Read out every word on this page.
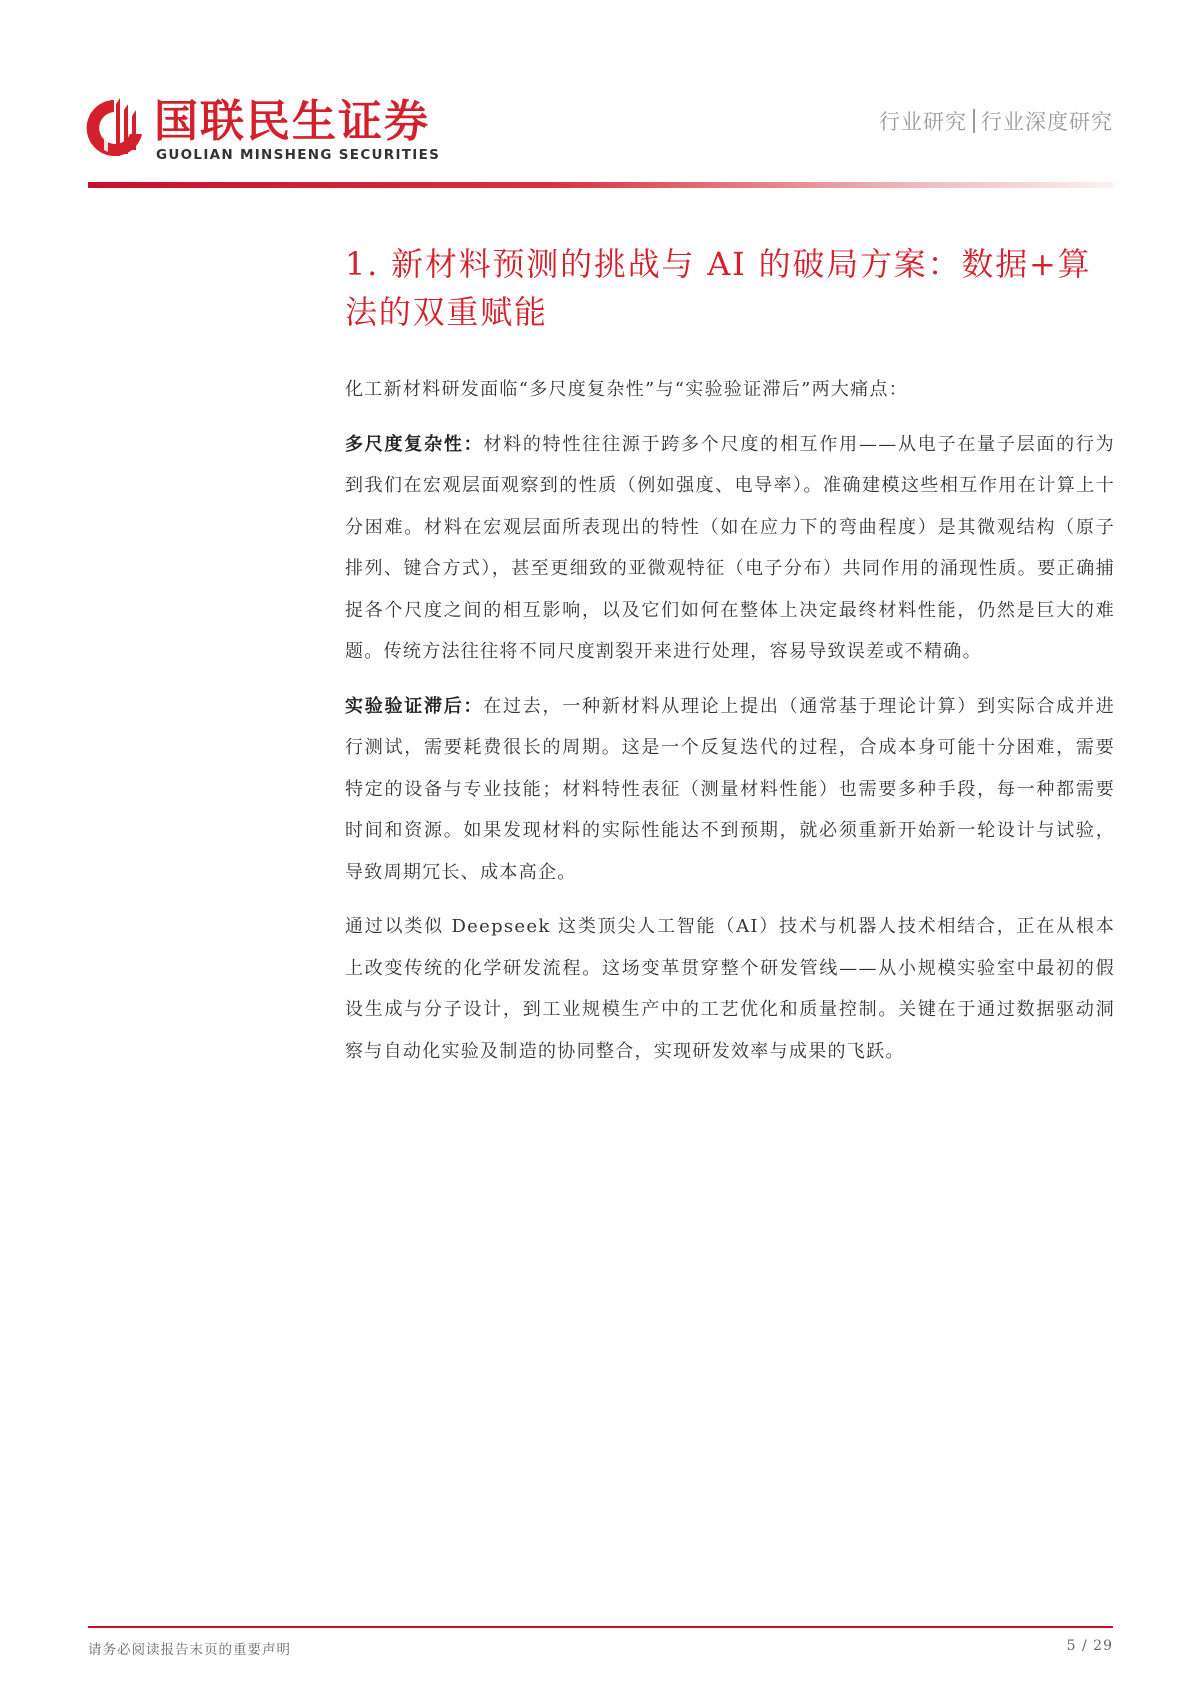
国联民生证券
GUOLIAN MINSHENG SECURITIES
行业研究 行业深度研究
1. 新材料预测的挑战与 AI 的破局方案：数据+算法的双重赋能

化工新材料研发面临“多尺度复杂性”与“实验验证滞后”两大痛点：

多尺度复杂性：材料的特性往往源于跨多个尺度的相互作用——从电子在量子层面的行为到我们在宏观层面观察到的性质（例如强度、电导率）。准确建模这些相互作用在计算上十分困难。材料在宏观层面所表现出的特性（如在应力下的弯曲程度）是其微观结构（原子排列、键合方式），甚至更细致的亚微观特征（电子分布）共同作用的涌现性质。要正确捕捉各个尺度之间的相互影响，以及它们如何在整体上决定最终材料性能，仍然是巨大的难题。传统方法往往将不同尺度割裂开来进行处理，容易导致误差或不精确。

实验验证滞后：在过去，一种新材料从理论上提出（通常基于理论计算）到实际合成并进行测试，需要耗费很长的周期。这是一个反复迭代的过程，合成本身可能十分困难，需要特定的设备与专业技能；材料特性表征（测量材料性能）也需要多种手段，每一种都需要时间和资源。如果发现材料的实际性能达不到预期，就必须重新开始新一轮设计与试验，导致周期冗长、成本高企。

通过以类似 Deepseek 这类顶尖人工智能（AI）技术与机器人技术相结合，正在从根本上改变传统的化学研发流程。这场变革贯穿整个研发管线——从小规模实验室中最初的假设生成与分子设计，到工业规模生产中的工艺优化和质量控制。关键在于通过数据驱动洞察与自动化实验及制造的协同整合，实现研发效率与成果的飞跃。

请务必阅读报告末页的重要声明	5 / 29
